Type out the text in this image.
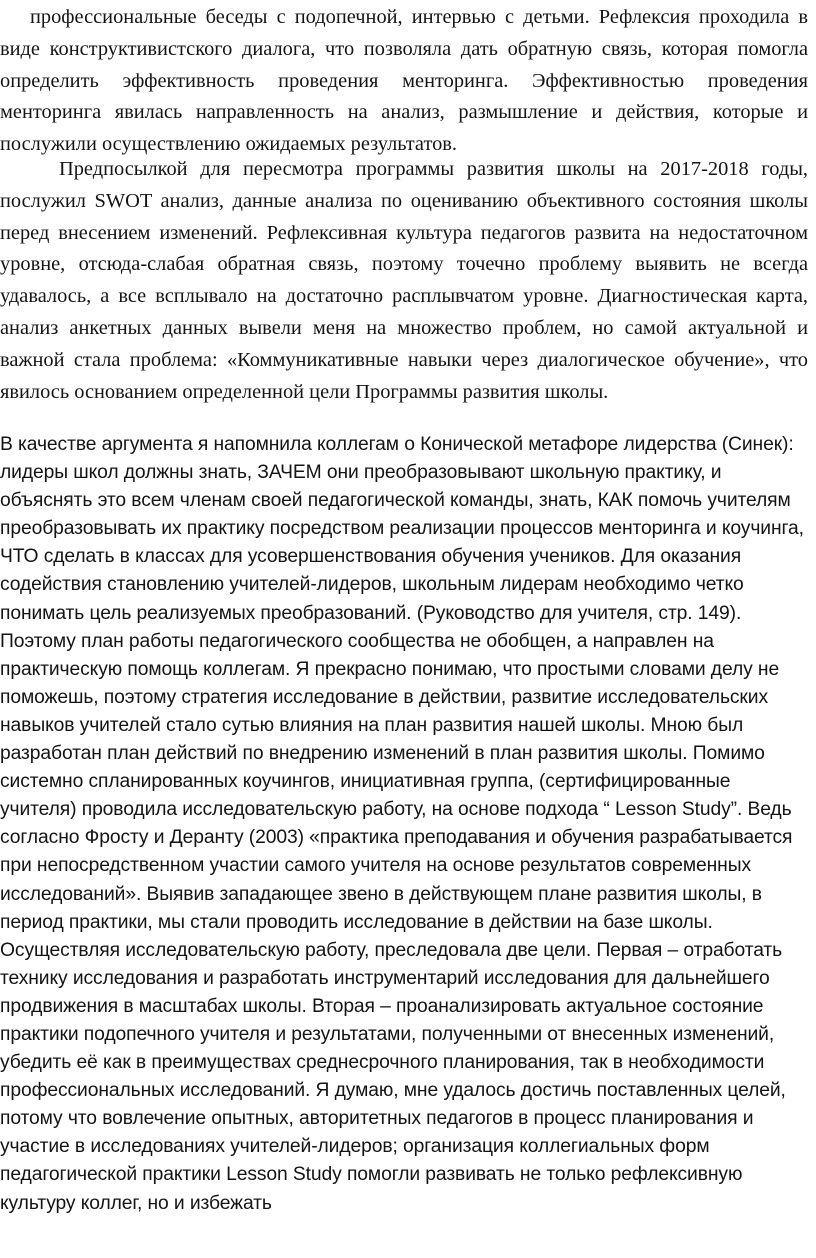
профессиональные беседы с подопечной, интервью с детьми. Рефлексия проходила в виде конструктивистского диалога, что позволяла дать обратную связь, которая помогла определить эффективность проведения менторинга. Эффективностью проведения менторинга явилась направленность на анализ, размышление и действия, которые и послужили осуществлению ожидаемых результатов.

Предпосылкой для пересмотра программы развития школы на 2017-2018 годы, послужил SWOT анализ, данные анализа по оцениванию объективного состояния школы перед внесением изменений. Рефлексивная культура педагогов развита на недостаточном уровне, отсюда-слабая обратная связь, поэтому точечно проблему выявить не всегда удавалось, а все всплывало на достаточно расплывчатом уровне. Диагностическая карта, анализ анкетных данных вывели меня на множество проблем, но самой актуальной и важной стала проблема: «Коммуникативные навыки через диалогическое обучение», что явилось основанием определенной цели Программы развития школы.

В качестве аргумента я напомнила коллегам о Конической метафоре лидерства (Синек): лидеры школ должны знать, ЗАЧЕМ они преобразовывают школьную практику, и объяснять это всем членам своей педагогической команды, знать, КАК помочь учителям преобразовывать их практику посредством реализации процессов менторинга и коучинга, ЧТО сделать в классах для усовершенствования обучения учеников. Для оказания содействия становлению учителей-лидеров, школьным лидерам необходимо четко понимать цель реализуемых преобразований. (Руководство для учителя, стр. 149). Поэтому план работы педагогического сообщества не обобщен, а направлен на практическую помощь коллегам. Я прекрасно понимаю, что простыми словами делу не поможешь, поэтому стратегия исследование в действии, развитие исследовательских навыков учителей стало сутью влияния на план развития нашей школы. Мною был разработан план действий по внедрению изменений в план развития школы. Помимо системно спланированных коучингов, инициативная группа, (сертифицированные учителя) проводила исследовательскую работу, на основе подхода “ Lesson Study”. Ведь согласно Фросту и Деранту (2003) «практика преподавания и обучения разрабатывается при непосредственном участии самого учителя на основе результатов современных исследований». Выявив западающее звено в действующем плане развития школы, в период практики, мы стали проводить исследование в действии на базе школы. Осуществляя исследовательскую работу, преследовала две цели. Первая – отработать технику исследования и разработать инструментарий исследования для дальнейшего продвижения в масштабах школы. Вторая – проанализировать актуальное состояние практики подопечного учителя и результатами, полученными от внесенных изменений, убедить её как в преимуществах среднесрочного планирования, так в необходимости профессиональных исследований. Я думаю, мне удалось достичь поставленных целей, потому что вовлечение опытных, авторитетных педагогов в процесс планирования и участие в исследованиях учителей-лидеров; организация коллегиальных форм педагогической практики Lesson Study помогли развивать не только рефлексивную культуру коллег, но и избежать
